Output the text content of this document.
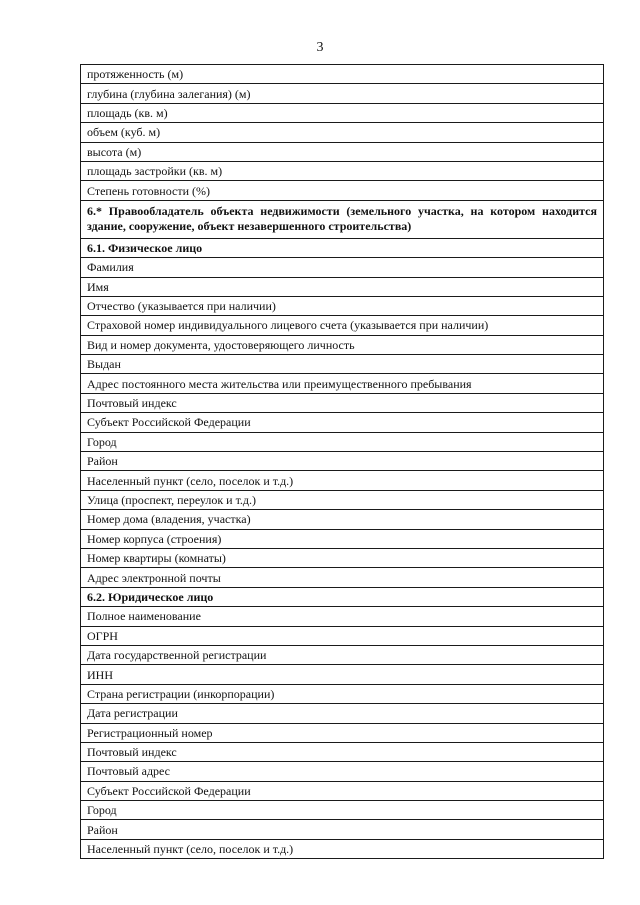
3
протяженность (м)
глубина (глубина залегания) (м)
площадь (кв. м)
объем (куб. м)
высота (м)
площадь застройки (кв. м)
Степень готовности (%)
6.* Правообладатель объекта недвижимости (земельного участка, на котором находится здание, сооружение, объект незавершенного строительства)
6.1. Физическое лицо
Фамилия
Имя
Отчество (указывается при наличии)
Страховой номер индивидуального лицевого счета (указывается при наличии)
Вид и номер документа, удостоверяющего личность
Выдан
Адрес постоянного места жительства или преимущественного пребывания
Почтовый индекс
Субъект Российской Федерации
Город
Район
Населенный пункт (село, поселок и т.д.)
Улица (проспект, переулок и т.д.)
Номер дома (владения, участка)
Номер корпуса (строения)
Номер квартиры (комнаты)
Адрес электронной почты
6.2. Юридическое лицо
Полное наименование
ОГРН
Дата государственной регистрации
ИНН
Страна регистрации (инкорпорации)
Дата регистрации
Регистрационный номер
Почтовый индекс
Почтовый адрес
Субъект Российской Федерации
Город
Район
Населенный пункт (село, поселок и т.д.)
